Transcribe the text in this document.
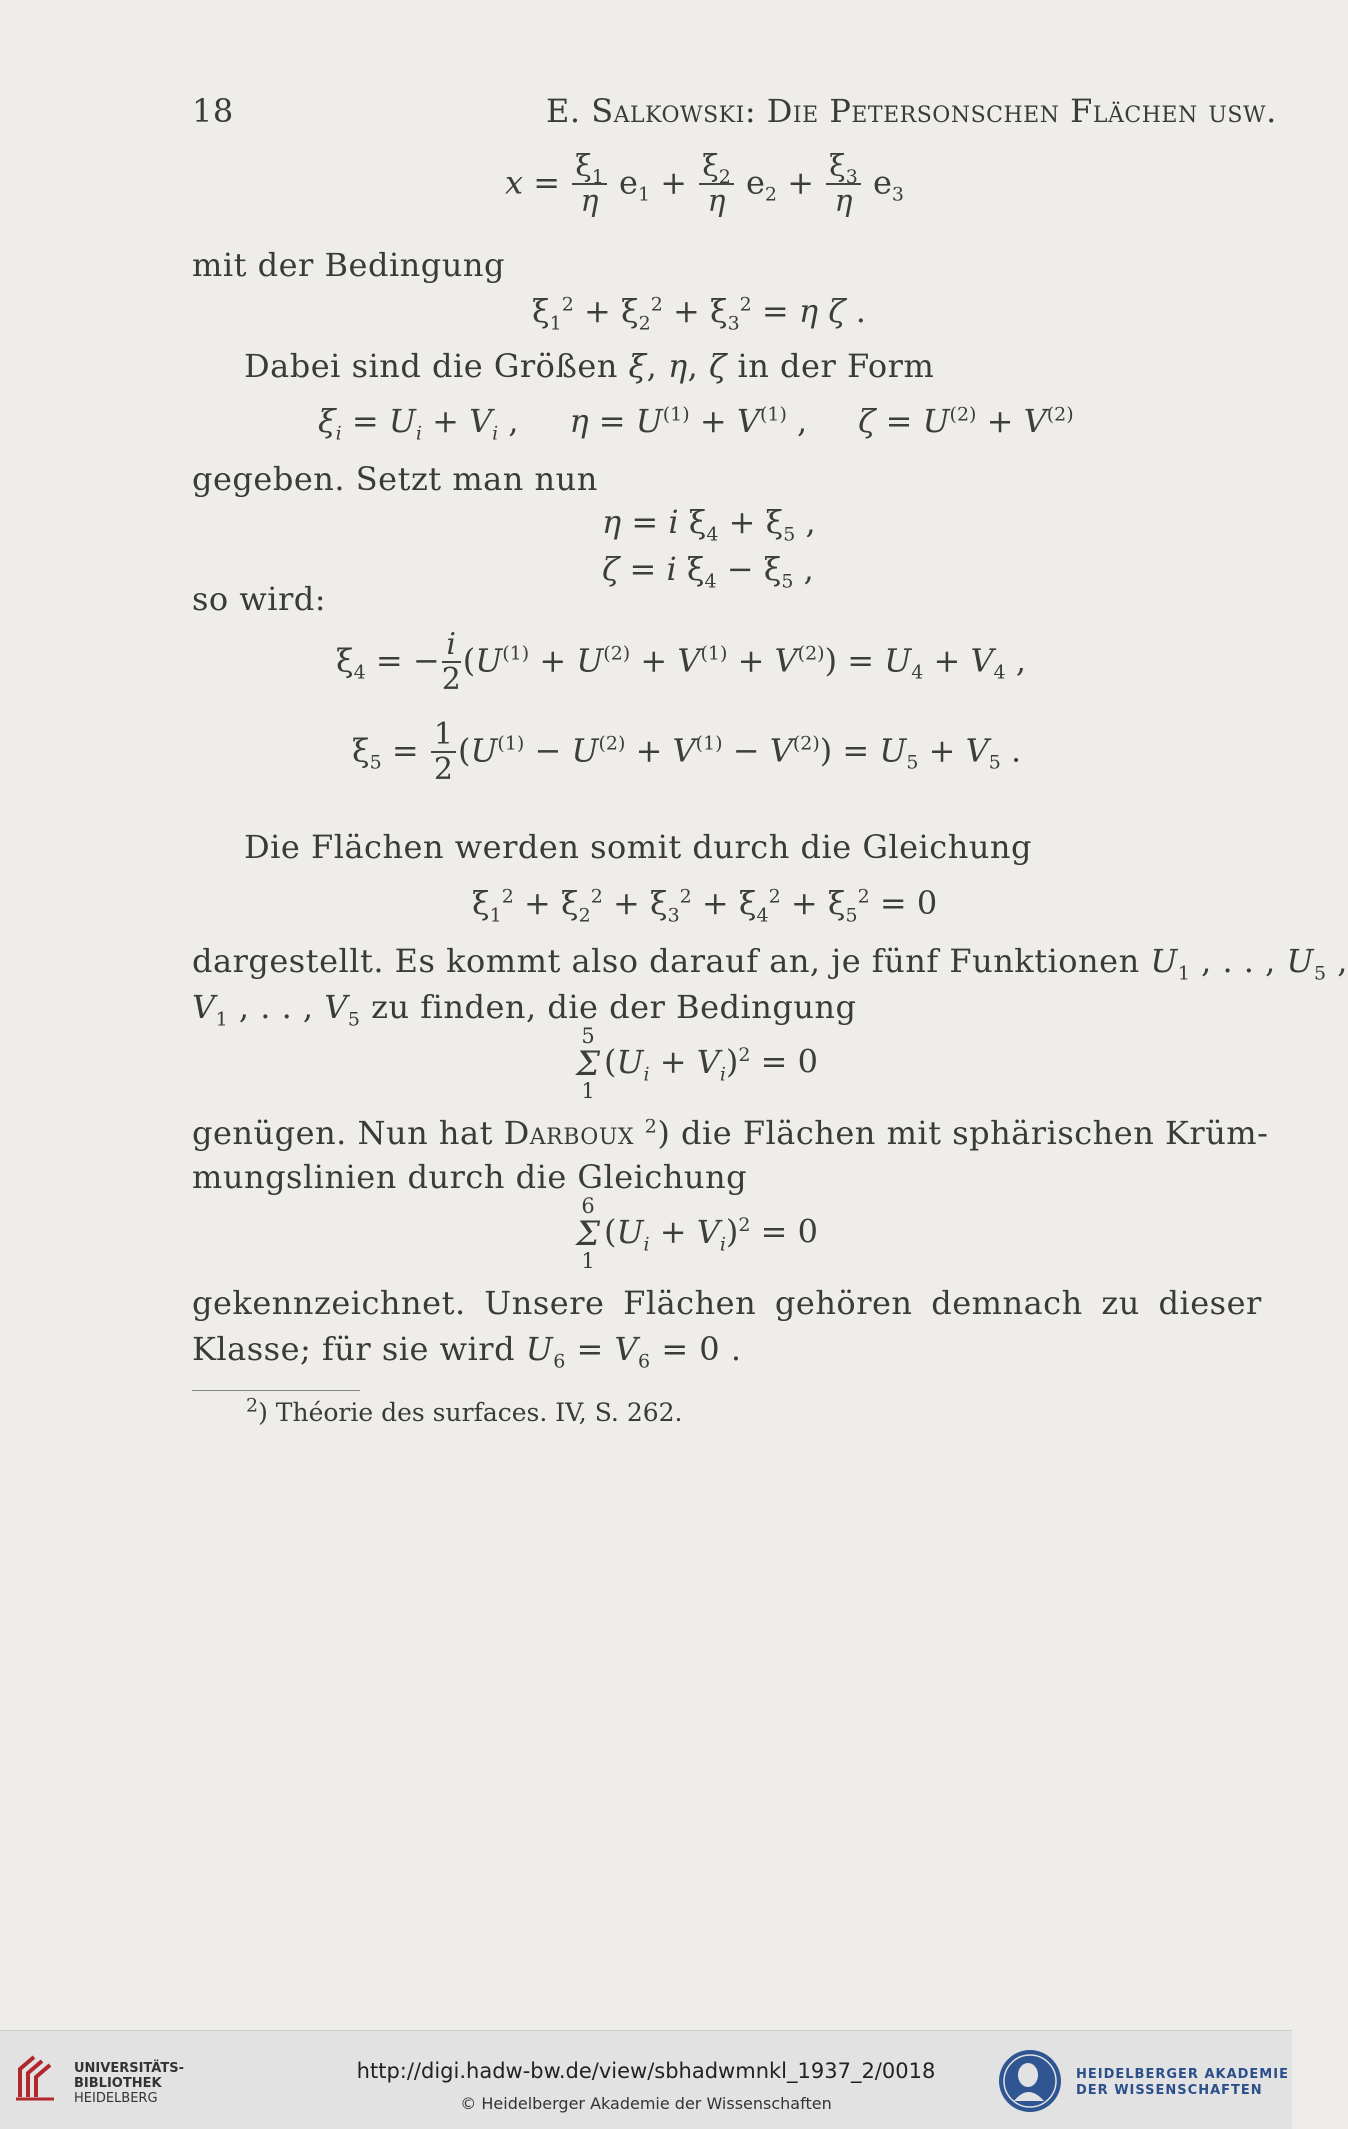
18	E. Salkowski: Die Petersonschen Flächen usw.
$x = \frac{\xi_1}{\eta} e_1 + \frac{\xi_2}{\eta} e_2 + \frac{\xi_3}{\eta} e_3$
mit der Bedingung
$\xi_1^2 + \xi_2^2 + \xi_3^2 = \eta$ ζ .
Dabei sind die Größen ξ, η, ζ in der Form
$\xi_i = U_i + V_i$ ,     $\eta = U^{(1)} + V^{(1)}$ ,     $\zeta = U^{(2)} + V^{(2)}$
gegeben. Setzt man nun
η = i $\xi_4 + \xi_5$ ,
ζ = i $\xi_4 - \xi_5$ ,
so wird:
$\xi_4$ = − $\frac{i}{2} (U^{(1)} + U^{(2)} + V^{(1)} + V^{(2)}) = U_4 + V_4$ ,
$\xi_5 = \frac{1}{2} (U^{(1)} - U^{(2)} + V^{(1)} - V^{(2)}) = U_5 + V_5$ .
Die Flächen werden somit durch die Gleichung
$\xi_1^2 + \xi_2^2 + \xi_3^2 + \xi_4^2 + \xi_5^2 = 0$
dargestellt. Es kommt also darauf an, je fünf Funktionen $U_1$ , . . , $U_5$ ,
$V_1$ , . . , $V_5$ zu finden, die der Bedingung
5
Σ
1
$(U_i + V_i)^2 = 0$
genügen. Nun hat Darboux $^2$) die Flächen mit sphärischen Krüm-
mungslinien durch die Gleichung
6
Σ
1
$(U_i + V_i)^2 = 0$
gekennzeichnet. Unsere Flächen gehören demnach zu dieser
Klasse; für sie wird $U_6 = V_6 = 0$ .
$^2$) Théorie des surfaces. IV, S. 262.
UNIVERSITÄTS-
BIBLIOTHEK
HEIDELBERG
http://digi.hadw-bw.de/view/sbhadwmnkl_1937_2/0018
© Heidelberger Akademie der Wissenschaften
HEIDELBERGER AKADEMIE
DER WISSENSCHAFTEN
